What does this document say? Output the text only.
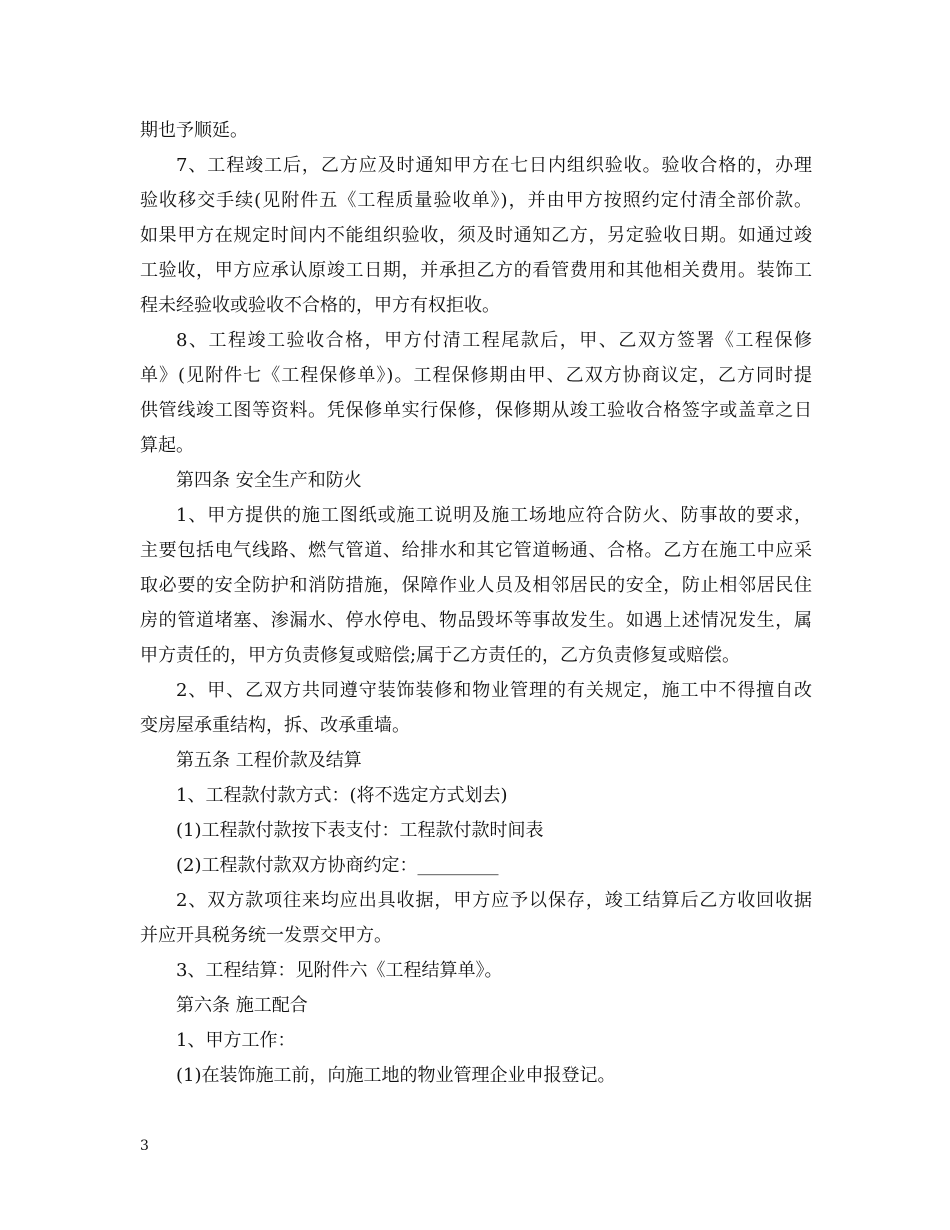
期也予顺延。
7、工程竣工后，乙方应及时通知甲方在七日内组织验收。验收合格的，办理
验收移交手续(见附件五《工程质量验收单》)，并由甲方按照约定付清全部价款。
如果甲方在规定时间内不能组织验收，须及时通知乙方，另定验收日期。如通过竣
工验收，甲方应承认原竣工日期，并承担乙方的看管费用和其他相关费用。装饰工
程未经验收或验收不合格的，甲方有权拒收。
8、工程竣工验收合格，甲方付清工程尾款后，甲、乙双方签署《工程保修
单》(见附件七《工程保修单》)。工程保修期由甲、乙双方协商议定，乙方同时提
供管线竣工图等资料。凭保修单实行保修，保修期从竣工验收合格签字或盖章之日
算起。
第四条 安全生产和防火
1、甲方提供的施工图纸或施工说明及施工场地应符合防火、防事故的要求，
主要包括电气线路、燃气管道、给排水和其它管道畅通、合格。乙方在施工中应采
取必要的安全防护和消防措施，保障作业人员及相邻居民的安全，防止相邻居民住
房的管道堵塞、渗漏水、停水停电、物品毁坏等事故发生。如遇上述情况发生，属
甲方责任的，甲方负责修复或赔偿;属于乙方责任的，乙方负责修复或赔偿。
2、甲、乙双方共同遵守装饰装修和物业管理的有关规定，施工中不得擅自改
变房屋承重结构，拆、改承重墙。
第五条 工程价款及结算
1、工程款付款方式：(将不选定方式划去)
(1)工程款付款按下表支付：工程款付款时间表
(2)工程款付款双方协商约定：_________
2、双方款项往来均应出具收据，甲方应予以保存，竣工结算后乙方收回收据
并应开具税务统一发票交甲方。
3、工程结算：见附件六《工程结算单》。
第六条 施工配合
1、甲方工作：
(1)在装饰施工前，向施工地的物业管理企业申报登记。
3
